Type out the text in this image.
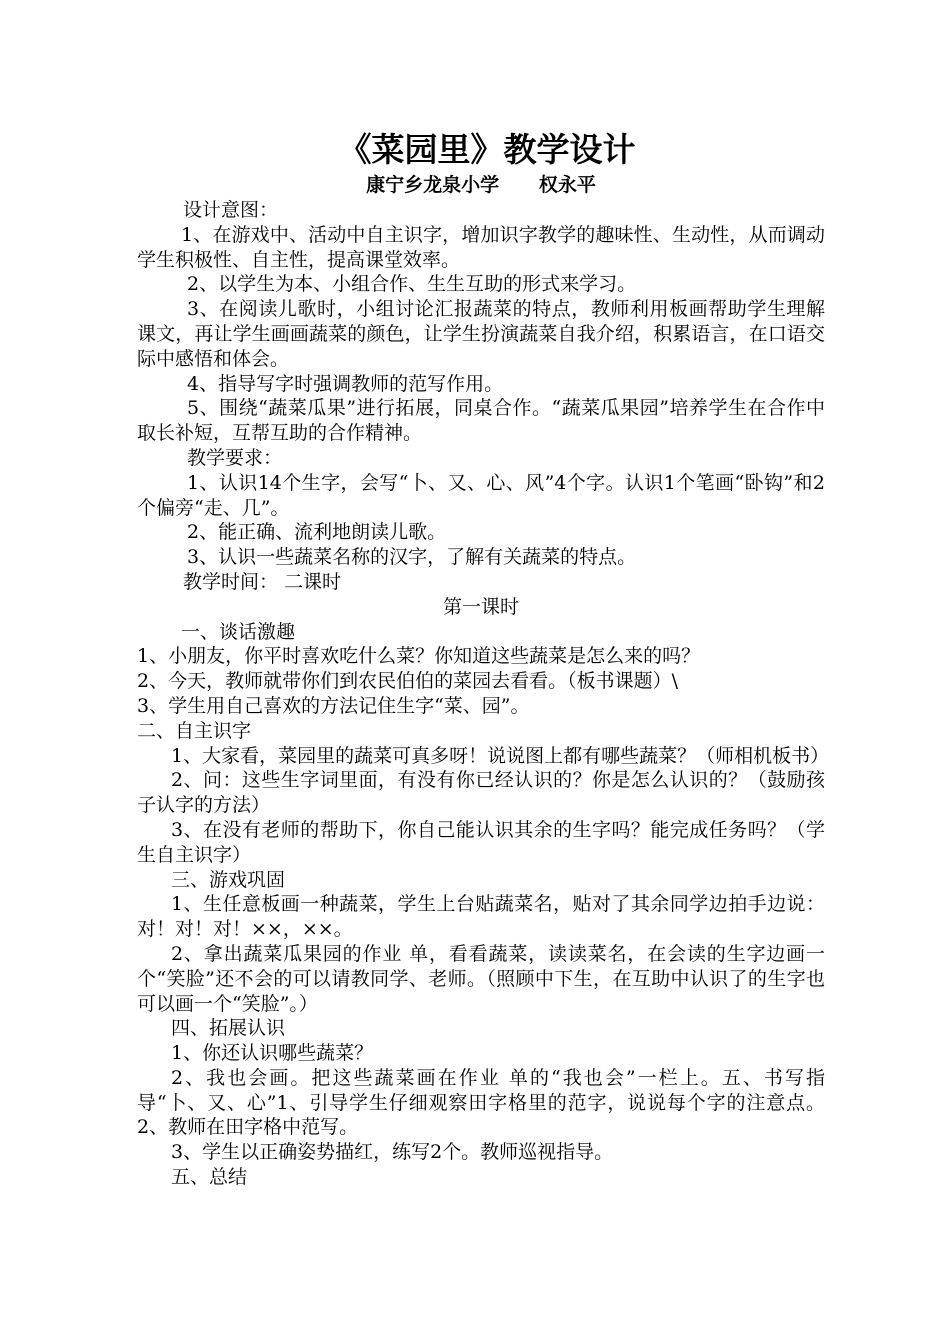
《菜园里》教学设计
康宁乡龙泉小学      权永平

设计意图：

1、在游戏中、活动中自主识字，增加识字教学的趣味性、生动性，从而调动学生积极性、自主性，提高课堂效率。

2、以学生为本、小组合作、生生互助的形式来学习。

3、在阅读儿歌时，小组讨论汇报蔬菜的特点，教师利用板画帮助学生理解课文，再让学生画画蔬菜的颜色，让学生扮演蔬菜自我介绍，积累语言，在口语交际中感悟和体会。

4、指导写字时强调教师的范写作用。

5、围绕“蔬菜瓜果”进行拓展，同桌合作。“蔬菜瓜果园”培养学生在合作中取长补短，互帮互助的合作精神。

教学要求：

1、认识14个生字，会写“卜、又、心、风”4个字。认识1个笔画“卧钩”和2个偏旁“走、几”。

2、能正确、流利地朗读儿歌。

3、认识一些蔬菜名称的汉字，了解有关蔬菜的特点。

教学时间： 二课时

第一课时

一、谈话激趣

1、小朋友，你平时喜欢吃什么菜？你知道这些蔬菜是怎么来的吗？

2、今天，教师就带你们到农民伯伯的菜园去看看。（板书课题）\

3、学生用自己喜欢的方法记住生字“菜、园”。

二、自主识字

1、大家看，菜园里的蔬菜可真多呀！说说图上都有哪些蔬菜？（师相机板书）

2、问：这些生字词里面，有没有你已经认识的？你是怎么认识的？（鼓励孩子认字的方法）

3、在没有老师的帮助下，你自己能认识其余的生字吗？能完成任务吗？（学生自主识字）

三、游戏巩固

1、生任意板画一种蔬菜，学生上台贴蔬菜名，贴对了其余同学边拍手边说：对！对！对！××，××。

2、拿出蔬菜瓜果园的作业 单，看看蔬菜，读读菜名，在会读的生字边画一个“笑脸”还不会的可以请教同学、老师。（照顾中下生，在互助中认识了的生字也可以画一个“笑脸”。）

四、拓展认识

1、你还认识哪些蔬菜？

2、我也会画。把这些蔬菜画在作业 单的“我也会”一栏上。五、书写指导“卜、又、心”1、引导学生仔细观察田字格里的范字，说说每个字的注意点。2、教师在田字格中范写。

3、学生以正确姿势描红，练写2个。教师巡视指导。

五、总结
